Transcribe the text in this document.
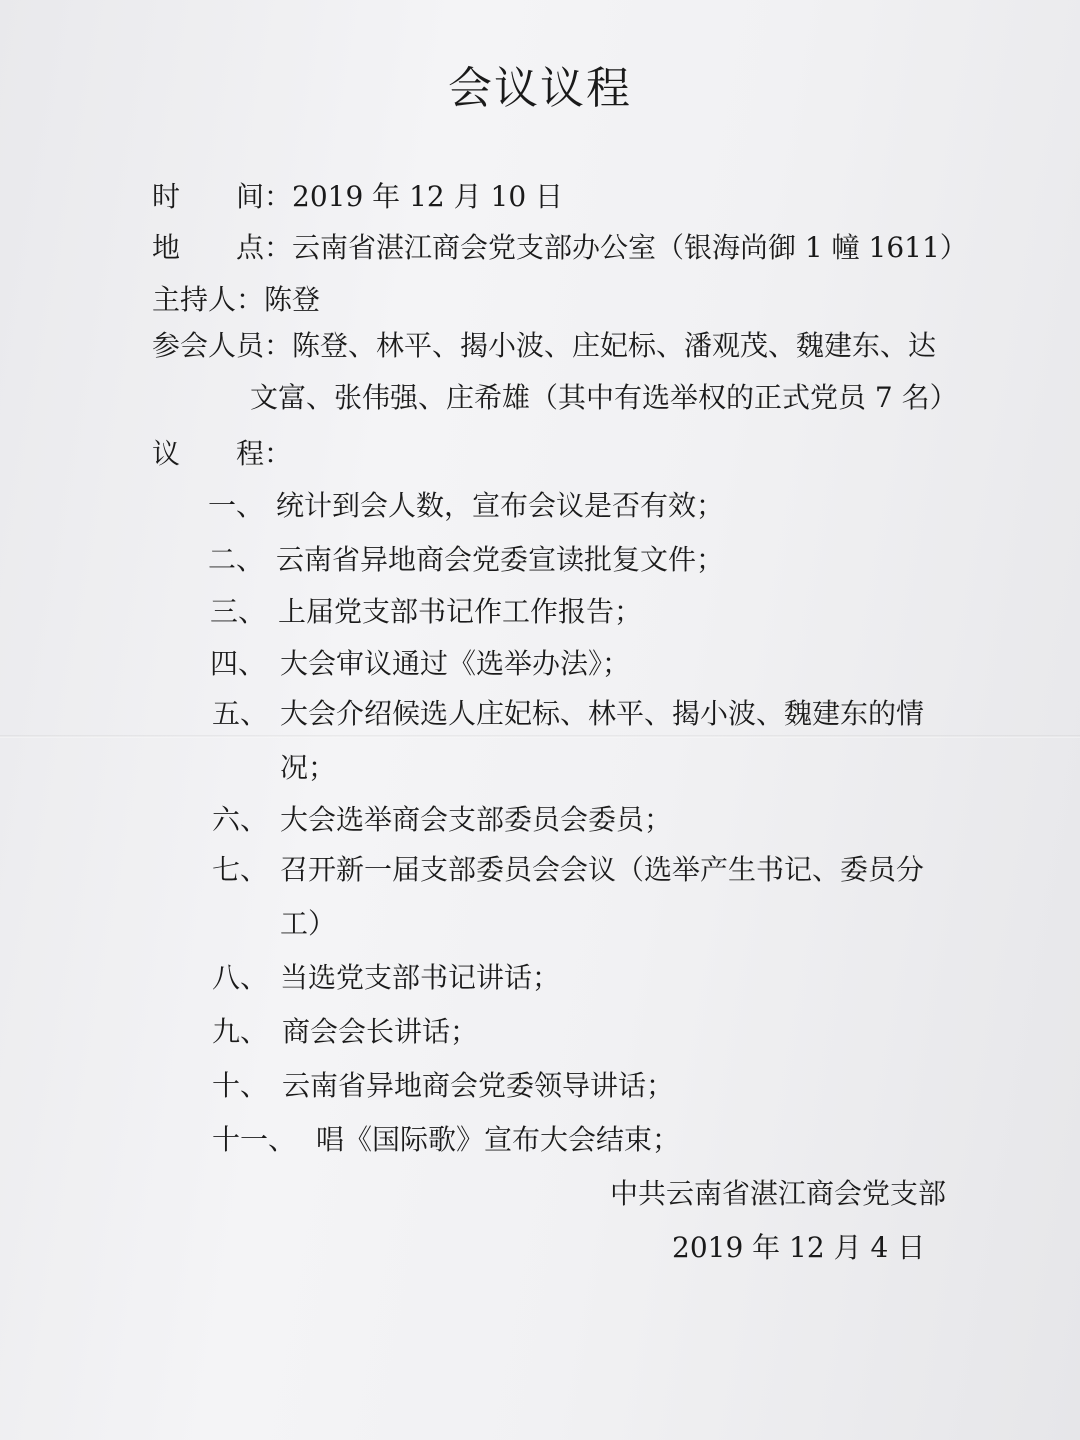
会议议程
时　　间：2019 年 12 月 10 日
地　　点：云南省湛江商会党支部办公室（银海尚御 1 幢 1611）
主持人：陈登
参会人员：陈登、林平、揭小波、庄妃标、潘观茂、魏建东、达
文富、张伟强、庄希雄（其中有选举权的正式党员 7 名）
议　　程：
一、 统计到会人数，宣布会议是否有效；
二、 云南省异地商会党委宣读批复文件；
三、 上届党支部书记作工作报告；
四、 大会审议通过《选举办法》；
五、 大会介绍候选人庄妃标、林平、揭小波、魏建东的情
况；
六、 大会选举商会支部委员会委员；
七、 召开新一届支部委员会会议（选举产生书记、委员分
工）
八、 当选党支部书记讲话；
九、 商会会长讲话；
十、 云南省异地商会党委领导讲话；
十一、 唱《国际歌》宣布大会结束；
中共云南省湛江商会党支部
2019 年 12 月 4 日
